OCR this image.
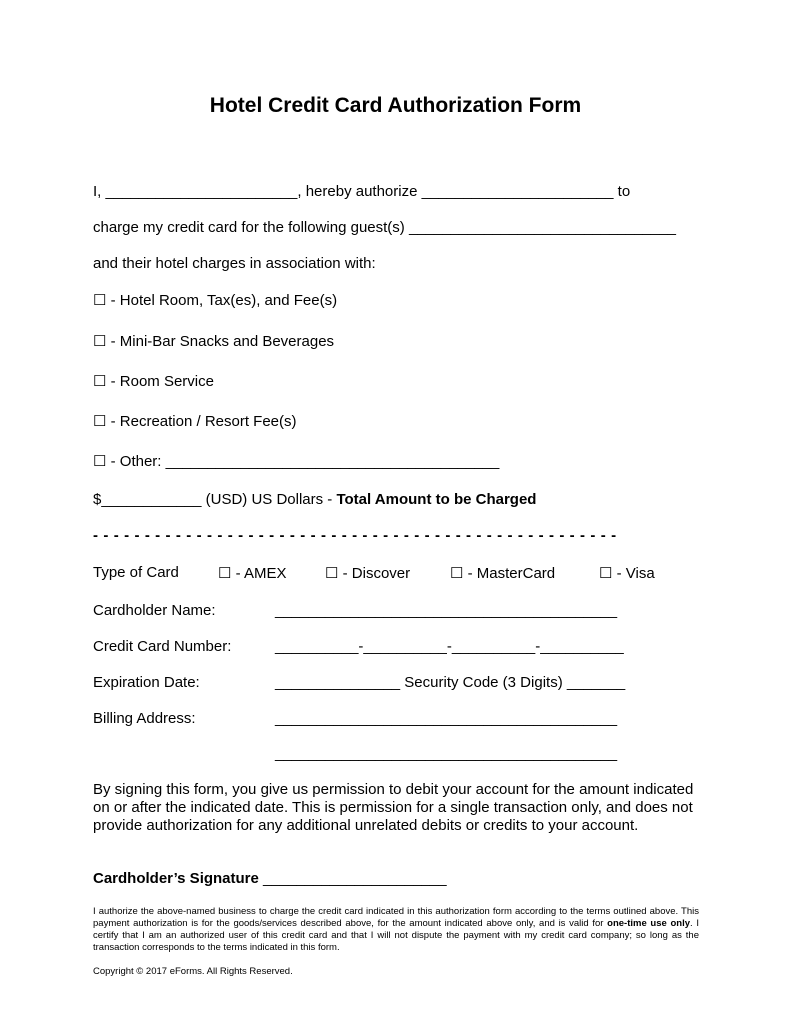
Hotel Credit Card Authorization Form
I, _______________________, hereby authorize _______________________ to
charge my credit card for the following guest(s) ________________________________
and their hotel charges in association with:
☐ - Hotel Room, Tax(es), and Fee(s)
☐ - Mini-Bar Snacks and Beverages
☐ - Room Service
☐ - Recreation / Resort Fee(s)
☐ - Other: ________________________________________
$____________ (USD) US Dollars - Total Amount to be Charged
- - - - - - - - - - - - - - - - - - - - - - - - - - - - - - - - - - - - - - - - - - - - - - - - - - -
Type of Card	☐ - AMEX	☐ - Discover	☐ - MasterCard	☐ - Visa
Cardholder Name:	_________________________________________
Credit Card Number:	__________-__________-__________-__________
Expiration Date:	_______________ Security Code (3 Digits) _______
Billing Address:	_________________________________________
_________________________________________
By signing this form, you give us permission to debit your account for the amount indicated on or after the indicated date. This is permission for a single transaction only, and does not provide authorization for any additional unrelated debits or credits to your account.
Cardholder’s Signature ______________________
I authorize the above-named business to charge the credit card indicated in this authorization form according to the terms outlined above. This payment authorization is for the goods/services described above, for the amount indicated above only, and is valid for one-time use only. I certify that I am an authorized user of this credit card and that I will not dispute the payment with my credit card company; so long as the transaction corresponds to the terms indicated in this form.
Copyright © 2017 eForms. All Rights Reserved.
